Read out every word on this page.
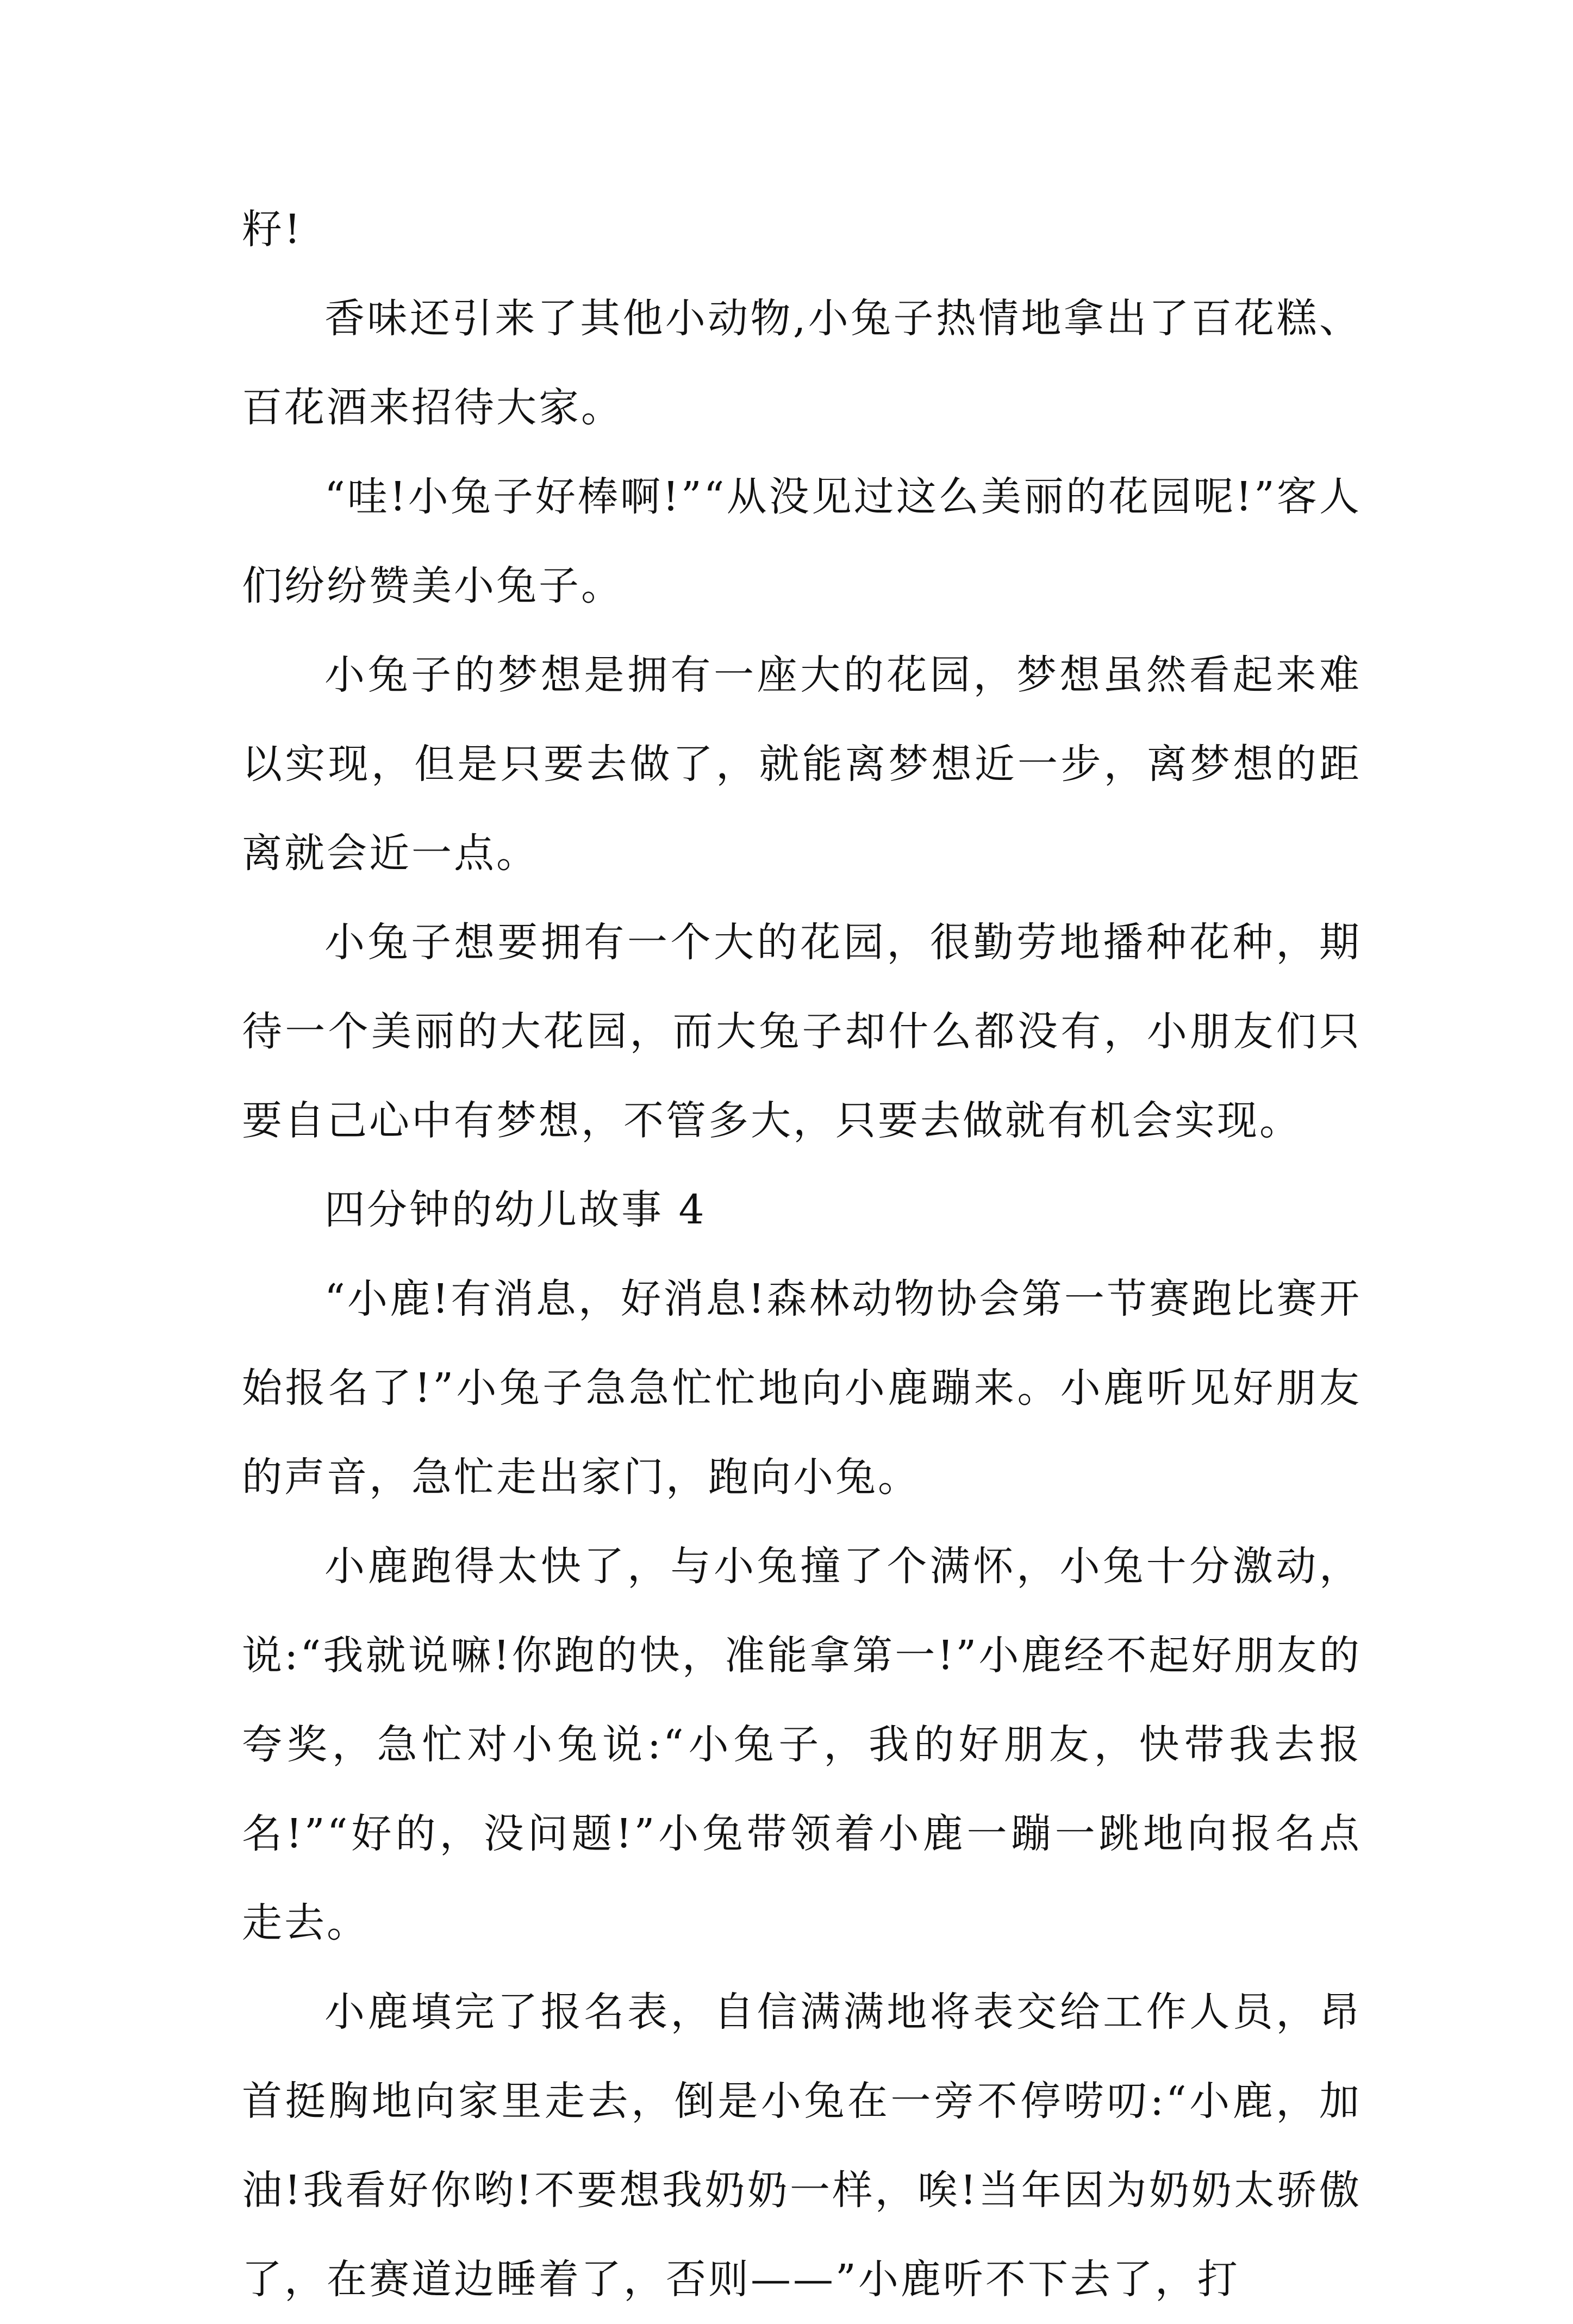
籽!

香味还引来了其他小动物,小兔子热情地拿出了百花糕、百花酒来招待大家。

“哇!小兔子好棒啊!”“从没见过这么美丽的花园呢!”客人们纷纷赞美小兔子。

小兔子的梦想是拥有一座大的花园，梦想虽然看起来难以实现，但是只要去做了，就能离梦想近一步，离梦想的距离就会近一点。

小兔子想要拥有一个大的花园，很勤劳地播种花种，期待一个美丽的大花园，而大兔子却什么都没有，小朋友们只要自己心中有梦想，不管多大，只要去做就有机会实现。

四分钟的幼儿故事 4

“小鹿!有消息，好消息!森林动物协会第一节赛跑比赛开始报名了!”小兔子急急忙忙地向小鹿蹦来。小鹿听见好朋友的声音，急忙走出家门，跑向小兔。

小鹿跑得太快了，与小兔撞了个满怀，小兔十分激动，说:“我就说嘛!你跑的快，准能拿第一!”小鹿经不起好朋友的夸奖，急忙对小兔说:“小兔子，我的好朋友，快带我去报名!”“好的，没问题!”小兔带领着小鹿一蹦一跳地向报名点走去。

小鹿填完了报名表，自信满满地将表交给工作人员，昂首挺胸地向家里走去，倒是小兔在一旁不停唠叨:“小鹿，加油!我看好你哟!不要想我奶奶一样，唉!当年因为奶奶太骄傲了，在赛道边睡着了，否则——”小鹿听不下去了，打
